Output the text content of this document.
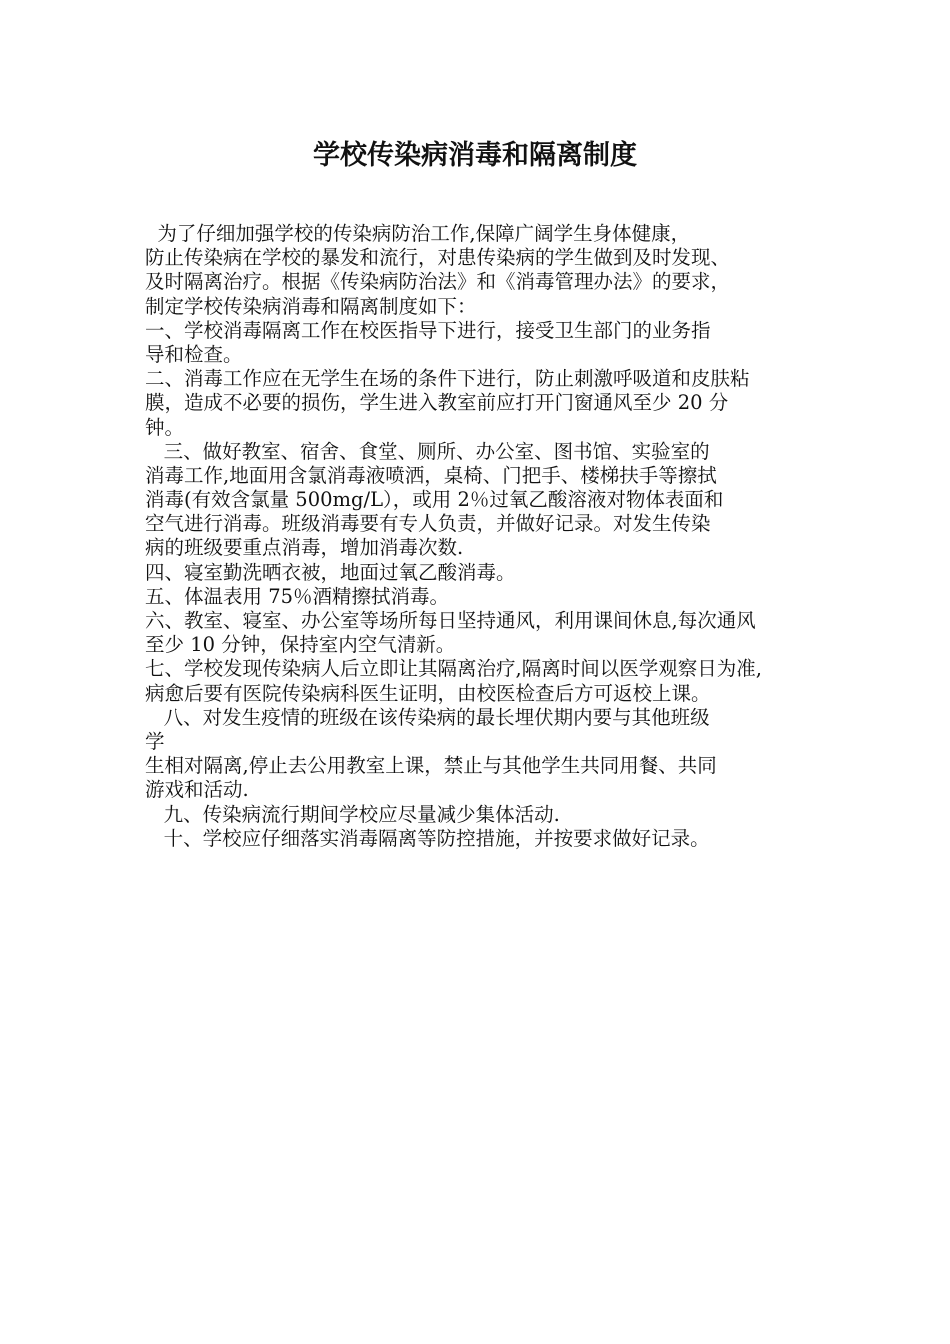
学校传染病消毒和隔离制度
为了仔细加强学校的传染病防治工作,保障广阔学生身体健康，
防止传染病在学校的暴发和流行，对患传染病的学生做到及时发现、
及时隔离治疗。根据《传染病防治法》和《消毒管理办法》的要求，
制定学校传染病消毒和隔离制度如下：
一、学校消毒隔离工作在校医指导下进行，接受卫生部门的业务指
导和检查。
二、消毒工作应在无学生在场的条件下进行，防止刺激呼吸道和皮肤粘
膜，造成不必要的损伤，学生进入教室前应打开门窗通风至少 20 分
钟。
三、做好教室、宿舍、食堂、厕所、办公室、图书馆、实验室的
消毒工作,地面用含氯消毒液喷洒，桌椅、门把手、楼梯扶手等擦拭
消毒(有效含氯量 500mg/L），或用 2％过氧乙酸溶液对物体表面和
空气进行消毒。班级消毒要有专人负责，并做好记录。对发生传染
病的班级要重点消毒，增加消毒次数.
四、寝室勤洗晒衣被，地面过氧乙酸消毒。
五、体温表用 75％酒精擦拭消毒。
六、教室、寝室、办公室等场所每日坚持通风，利用课间休息,每次通风
至少 10 分钟，保持室内空气清新。
七、学校发现传染病人后立即让其隔离治疗,隔离时间以医学观察日为准,
病愈后要有医院传染病科医生证明，由校医检查后方可返校上课。
八、对发生疫情的班级在该传染病的最长埋伏期内要与其他班级
学
生相对隔离,停止去公用教室上课，禁止与其他学生共同用餐、共同
游戏和活动.
九、传染病流行期间学校应尽量减少集体活动.
十、学校应仔细落实消毒隔离等防控措施，并按要求做好记录。
